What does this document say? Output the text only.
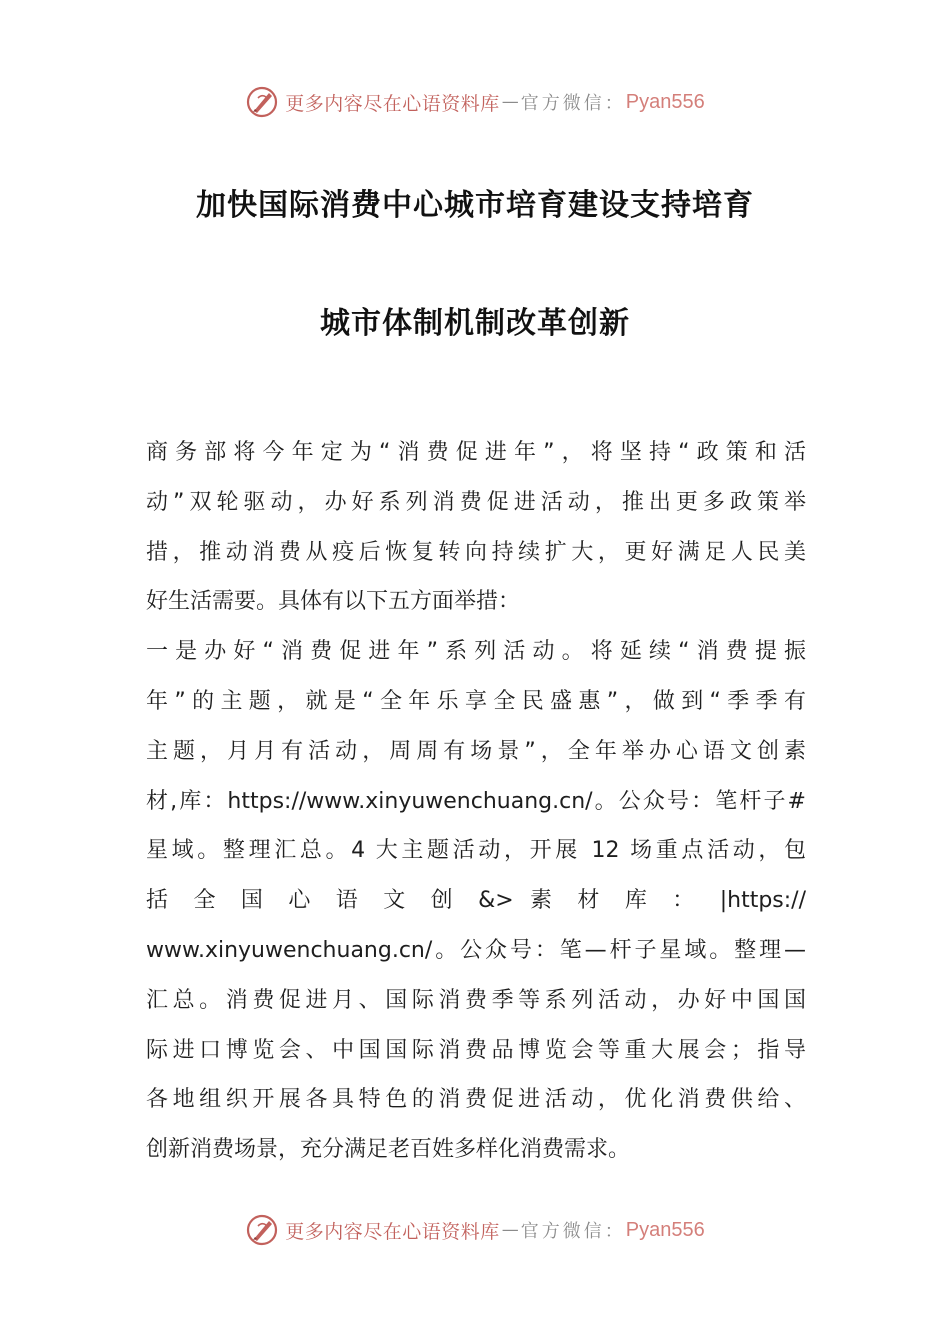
更多内容尽在心语资料库 — 官方微信： Pyan556
加快国际消费中心城市培育建设支持培育
城市体制机制改革创新
商务部将今年定为“消费促进年”，将坚持“政策和活
动”双轮驱动，办好系列消费促进活动，推出更多政策举
措，推动消费从疫后恢复转向持续扩大，更好满足人民美
好生活需要。具体有以下五方面举措：
一是办好“消费促进年”系列活动。将延续“消费提振
年”的主题，就是“全年乐享全民盛惠”，做到“季季有
主题，月月有活动，周周有场景”，全年举办心语文创素
材,库：https://www.xinyuwenchuang.cn/。公众号：笔杆子#
星域。整理汇总。4 大主题活动，开展 12 场重点活动，包
括 全 国 心 语 文 创 &> 素 材 库 ： |https://
www.xinyuwenchuang.cn/。公众号：笔—杆子星域。整理—
汇总。消费促进月、国际消费季等系列活动，办好中国国
际进口博览会、中国国际消费品博览会等重大展会；指导
各地组织开展各具特色的消费促进活动，优化消费供给、
创新消费场景，充分满足老百姓多样化消费需求。
更多内容尽在心语资料库 — 官方微信： Pyan556
